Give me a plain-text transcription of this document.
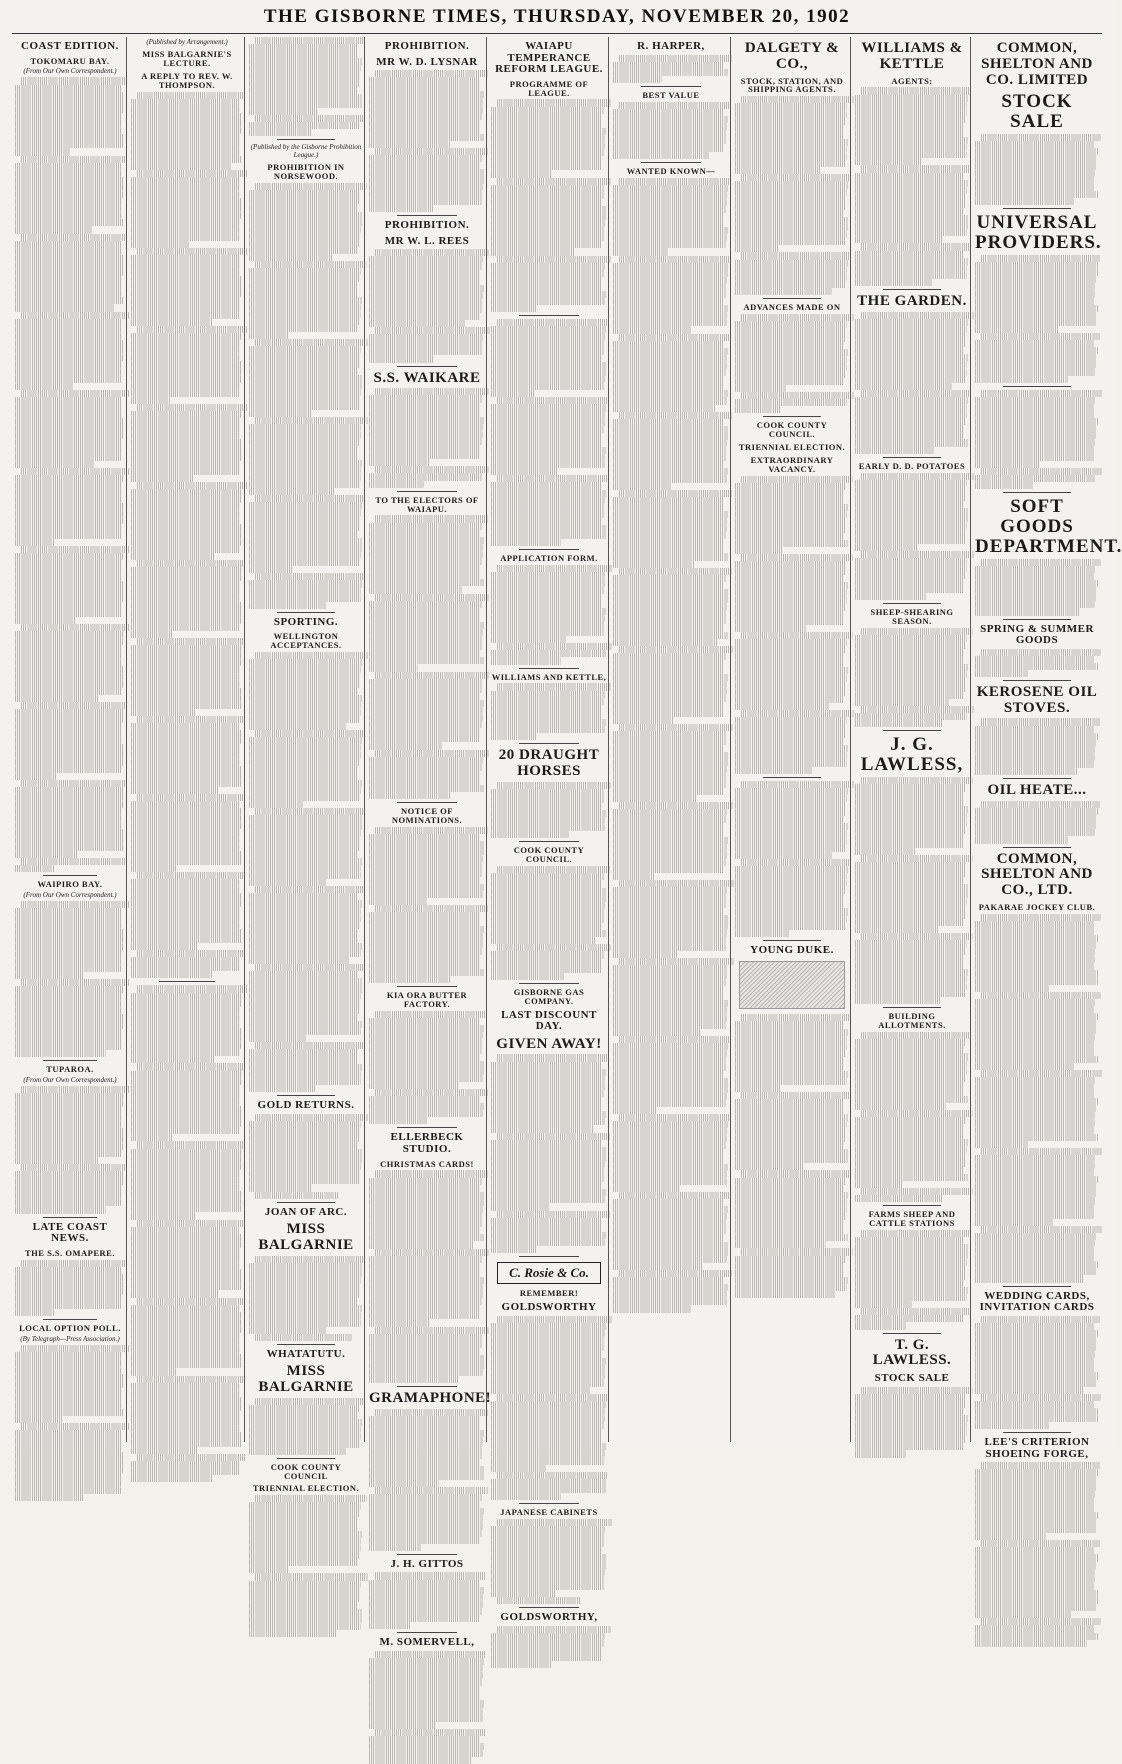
THE GISBORNE TIMES, THURSDAY, NOVEMBER 20, 1902
COAST EDITION.
TOKOMARU BAY.
(From Our Own Correspondent.)
WAIPIRO BAY.
(From Our Own Correspondent.)
TUPAROA.
(From Our Own Correspondent.)
LATE COAST NEWS.
THE S.S. OMAPERE.
LOCAL OPTION POLL.
(By Telegraph—Press Association.)
(Published by Arrangement.)
MISS BALGARNIE'S LECTURE.
A REPLY TO REV. W. THOMPSON.
(Published by the Gisborne Prohibition League.)
PROHIBITION IN NORSEWOOD.
SPORTING.
WELLINGTON ACCEPTANCES.
GOLD RETURNS.
JOAN OF ARC.
MISS BALGARNIE
WHATATUTU.
MISS BALGARNIE
COOK COUNTY COUNCIL
TRIENNIAL ELECTION.
PROHIBITION.
MR W. D. LYSNAR
PROHIBITION.
MR W. L. REES
S.S. WAIKARE
TO THE ELECTORS OF WAIAPU.
NOTICE OF NOMINATIONS.
KIA ORA BUTTER FACTORY.
ELLERBECK STUDIO.
CHRISTMAS CARDS!
GRAMAPHONE!
J. H. GITTOS
M. SOMERVELL,
WAIAPU TEMPERANCE REFORM LEAGUE.
PROGRAMME OF LEAGUE.
APPLICATION FORM.
WILLIAMS AND KETTLE,
20 DRAUGHT HORSES
COOK COUNTY COUNCIL.
GISBORNE GAS COMPANY.
LAST DISCOUNT DAY.
GIVEN AWAY!
C. Rosie & Co.
REMEMBER!
GOLDSWORTHY
JAPANESE CABINETS
GOLDSWORTHY,
R. HARPER,
BEST VALUE
WANTED KNOWN—
DALGETY & CO.,
STOCK, STATION, AND SHIPPING AGENTS.
ADVANCES MADE ON
COOK COUNTY COUNCIL.
TRIENNIAL ELECTION.
EXTRAORDINARY VACANCY.
YOUNG DUKE.
WILLIAMS & KETTLE
AGENTS:
THE GARDEN.
EARLY D. D. POTATOES
SHEEP-SHEARING SEASON.
J. G. LAWLESS,
BUILDING ALLOTMENTS.
FARMS SHEEP AND CATTLE STATIONS
T. G. LAWLESS.
STOCK SALE
COMMON, SHELTON AND CO. LIMITED
STOCK SALE
UNIVERSAL PROVIDERS.
SOFT GOODS DEPARTMENT.
SPRING & SUMMER GOODS
KEROSENE OIL STOVES.
OIL HEATE...
COMMON, SHELTON AND CO., LTD.
PAKARAE JOCKEY CLUB.
WEDDING CARDS, INVITATION CARDS
LEE'S CRITERION SHOEING FORGE,
